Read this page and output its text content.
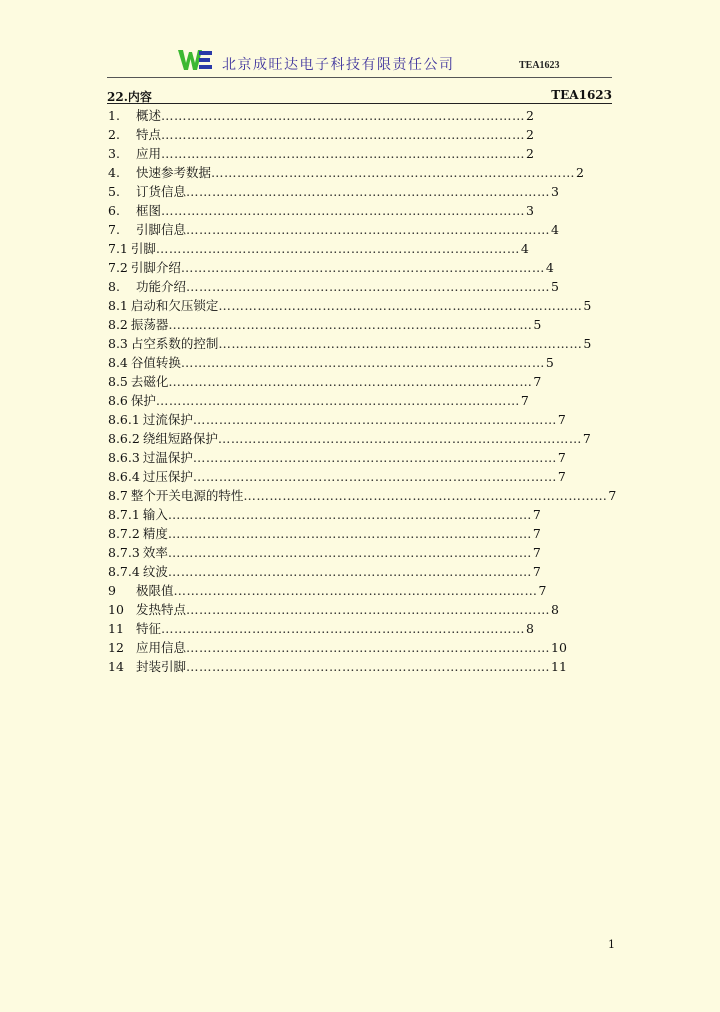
北京成旺达电子科技有限责任公司	TEA1623
22.内容	TEA1623
1.	概述 ………………………………………………………………………… 2
2.	特点 ………………………………………………………………………… 2
3.	应用 ………………………………………………………………………… 2
4.	快速参考数据 ………………………………………………………………………… 2
5.	订货信息 ………………………………………………………………………… 3
6.	框图 ………………………………………………………………………… 3
7.	引脚信息 ………………………………………………………………………… 4
7.1 引脚 ………………………………………………………………………… 4
7.2 引脚介绍 ………………………………………………………………………… 4
8.	功能介绍 ………………………………………………………………………… 5
8.1 启动和欠压锁定 ………………………………………………………………………… 5
8.2 振荡器 ………………………………………………………………………… 5
8.3 占空系数的控制 ………………………………………………………………………… 5
8.4 谷值转换 ………………………………………………………………………… 5
8.5 去磁化 ………………………………………………………………………… 7
8.6 保护 ………………………………………………………………………… 7
8.6.1 过流保护 ………………………………………………………………………… 7
8.6.2 绕组短路保护 ………………………………………………………………………… 7
8.6.3 过温保护 ………………………………………………………………………… 7
8.6.4 过压保护 ………………………………………………………………………… 7
8.7 整个开关电源的特性 ………………………………………………………………………… 7
8.7.1 输入 ………………………………………………………………………… 7
8.7.2 精度 ………………………………………………………………………… 7
8.7.3 效率 ………………………………………………………………………… 7
8.7.4 纹波 ………………………………………………………………………… 7
9	极限值 ………………………………………………………………………… 7
10 发热特点 ………………………………………………………………………… 8
11 特征 ………………………………………………………………………… 8
12 应用信息 ………………………………………………………………………… 10
14 封装引脚 ………………………………………………………………………… 11
1
